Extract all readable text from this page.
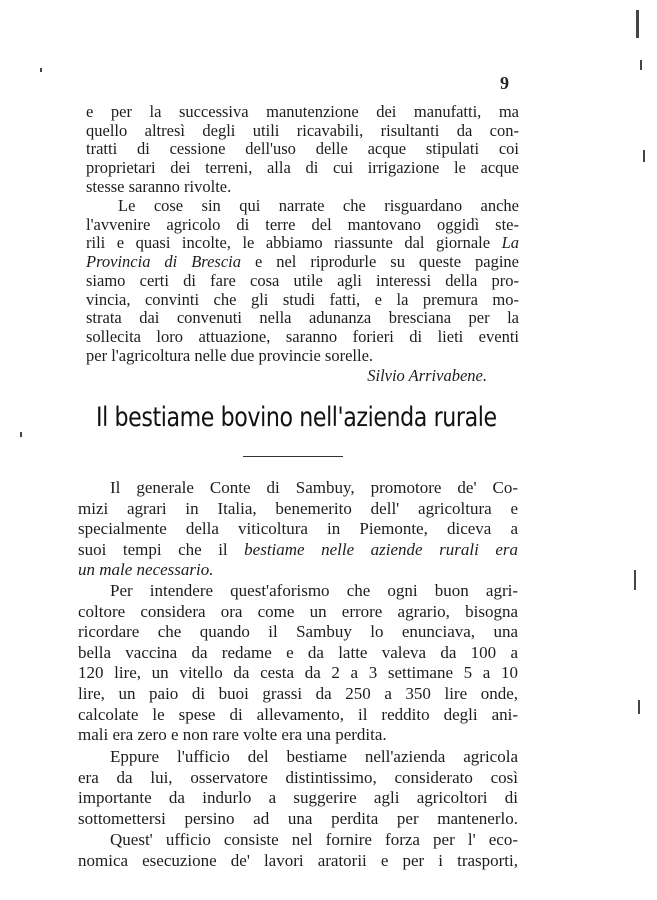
9
e per la successiva manutenzione dei manufatti, ma
quello altresì degli utili ricavabili, risultanti da con-
tratti di cessione dell'uso delle acque stipulati coi
proprietari dei terreni, alla di cui irrigazione le acque
stesse saranno rivolte.
Le cose sin qui narrate che risguardano anche
l'avvenire agricolo di terre del mantovano oggidì ste-
rili e quasi incolte, le abbiamo riassunte dal giornale La
Provincia di Brescia e nel riprodurle su queste pagine
siamo certi di fare cosa utile agli interessi della pro-
vincia, convinti che gli studi fatti, e la premura mo-
strata dai convenuti nella adunanza bresciana per la
sollecita loro attuazione, saranno forieri di lieti eventi
per l'agricoltura nelle due provincie sorelle.
Silvio Arrivabene.
Il bestiame bovino nell'azienda rurale
Il generale Conte di Sambuy, promotore de' Co-
mizi agrari in Italia, benemerito dell' agricoltura e
specialmente della viticoltura in Piemonte, diceva a
suoi tempi che il bestiame nelle aziende rurali era
un male necessario.
Per intendere quest'aforismo che ogni buon agri-
coltore considera ora come un errore agrario, bisogna
ricordare che quando il Sambuy lo enunciava, una
bella vaccina da redame e da latte valeva da 100 a
120 lire, un vitello da cesta da 2 a 3 settimane 5 a 10
lire, un paio di buoi grassi da 250 a 350 lire onde,
calcolate le spese di allevamento, il reddito degli ani-
mali era zero e non rare volte era una perdita.
Eppure l'ufficio del bestiame nell'azienda agricola
era da lui, osservatore distintissimo, considerato così
importante da indurlo a suggerire agli agricoltori di
sottomettersi persino ad una perdita per mantenerlo.
Quest' ufficio consiste nel fornire forza per l' eco-
nomica esecuzione de' lavori aratorii e per i trasporti,
